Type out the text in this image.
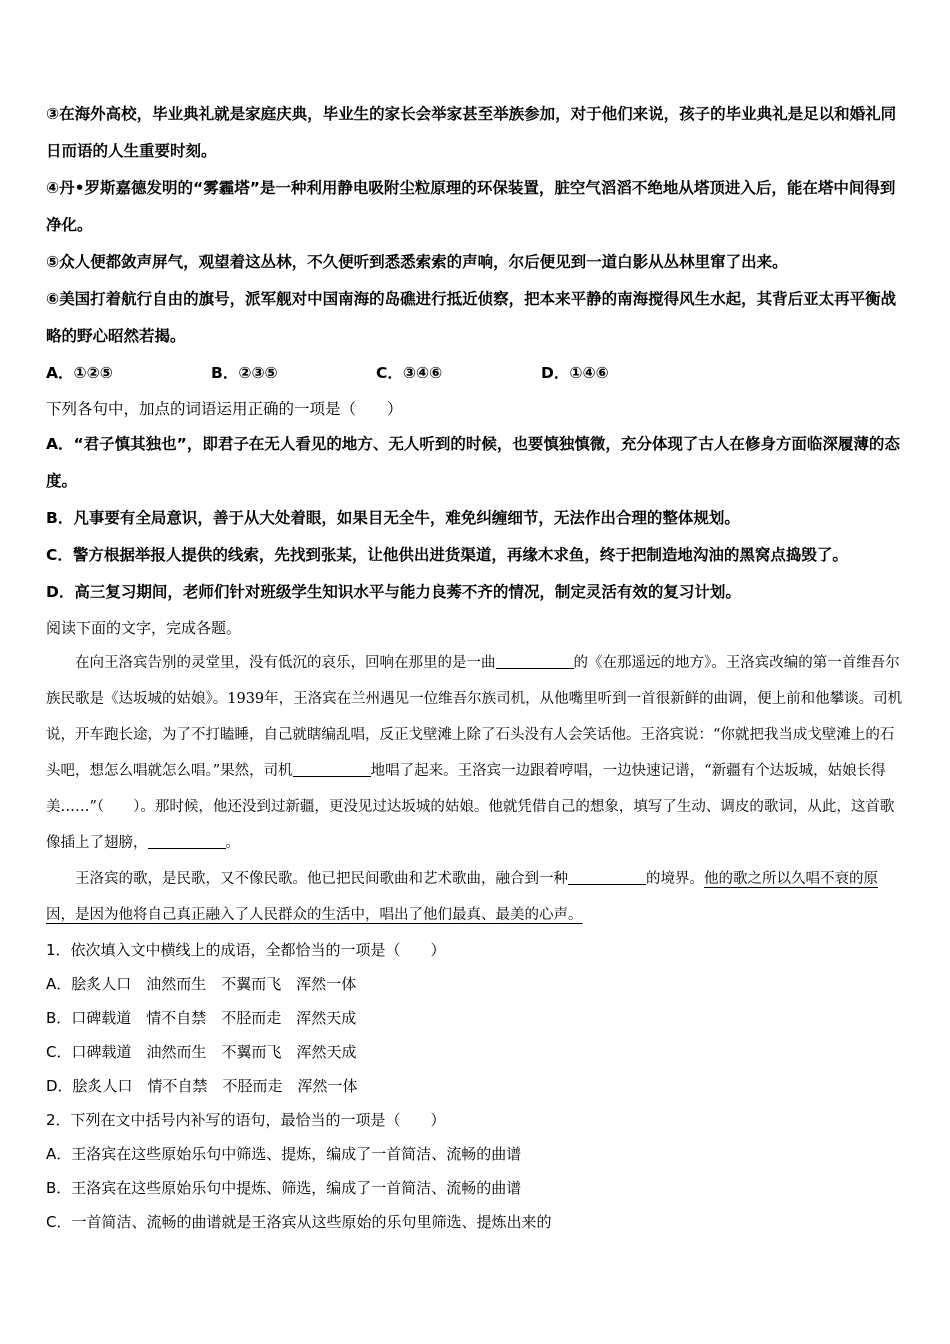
③在海外高校，毕业典礼就是家庭庆典，毕业生的家长会举家甚至举族参加，对于他们来说，孩子的毕业典礼是足以和婚礼同日而语的人生重要时刻。

④丹•罗斯嘉德发明的“雾霾塔”是一种利用静电吸附尘粒原理的环保装置，脏空气滔滔不绝地从塔顶进入后，能在塔中间得到净化。

⑤众人便都敛声屏气，观望着这丛林，不久便听到悉悉索索的声响，尔后便见到一道白影从丛林里窜了出来。

⑥美国打着航行自由的旗号，派军舰对中国南海的岛礁进行抵近侦察，把本来平静的南海搅得风生水起，其背后亚太再平衡战略的野心昭然若揭。

A．①②⑤	B．②③⑤	C．③④⑥	D．①④⑥

下列各句中，加点的词语运用正确的一项是（　　）

A．“君子慎其独也”，即君子在无人看见的地方、无人听到的时候，也要慎独慎微，充分体现了古人在修身方面临深履薄的态度。

B．凡事要有全局意识，善于从大处着眼，如果目无全牛，难免纠缠细节，无法作出合理的整体规划。

C．警方根据举报人提供的线索，先找到张某，让他供出进货渠道，再缘木求鱼，终于把制造地沟油的黑窝点捣毁了。

D．高三复习期间，老师们针对班级学生知识水平与能力良莠不齐的情况，制定灵活有效的复习计划。

阅读下面的文字，完成各题。

在向王洛宾告别的灵堂里，没有低沉的哀乐，回响在那里的是一曲	的《在那遥远的地方》。王洛宾改编的第一首维吾尔族民歌是《达坂城的姑娘》。1939年，王洛宾在兰州遇见一位维吾尔族司机，从他嘴里听到一首很新鲜的曲调，便上前和他攀谈。司机说，开车跑长途，为了不打瞌睡，自己就瞎编乱唱，反正戈壁滩上除了石头没有人会笑话他。王洛宾说：“你就把我当成戈壁滩上的石头吧，想怎么唱就怎么唱。”果然，司机	地唱了起来。王洛宾一边跟着哼唱，一边快速记谱，“新疆有个达坂城，姑娘长得美……”（　　）。那时候，他还没到过新疆，更没见过达坂城的姑娘。他就凭借自己的想象，填写了生动、调皮的歌词，从此，这首歌像插上了翅膀，	。

王洛宾的歌，是民歌，又不像民歌。他已把民间歌曲和艺术歌曲，融合到一种	的境界。他的歌之所以久唱不衰的原因，是因为他将自己真正融入了人民群众的生活中，唱出了他们最真、最美的心声。

1．依次填入文中横线上的成语，全都恰当的一项是（　　）

A．脍炙人口　油然而生　不翼而飞　浑然一体

B．口碑载道　情不自禁　不胫而走　浑然天成

C．口碑载道　油然而生　不翼而飞　浑然天成

D．脍炙人口　情不自禁　不胫而走　浑然一体

2．下列在文中括号内补写的语句，最恰当的一项是（　　）

A．王洛宾在这些原始乐句中筛选、提炼，编成了一首简洁、流畅的曲谱

B．王洛宾在这些原始乐句中提炼、筛选，编成了一首简洁、流畅的曲谱

C．一首简洁、流畅的曲谱就是王洛宾从这些原始的乐句里筛选、提炼出来的
